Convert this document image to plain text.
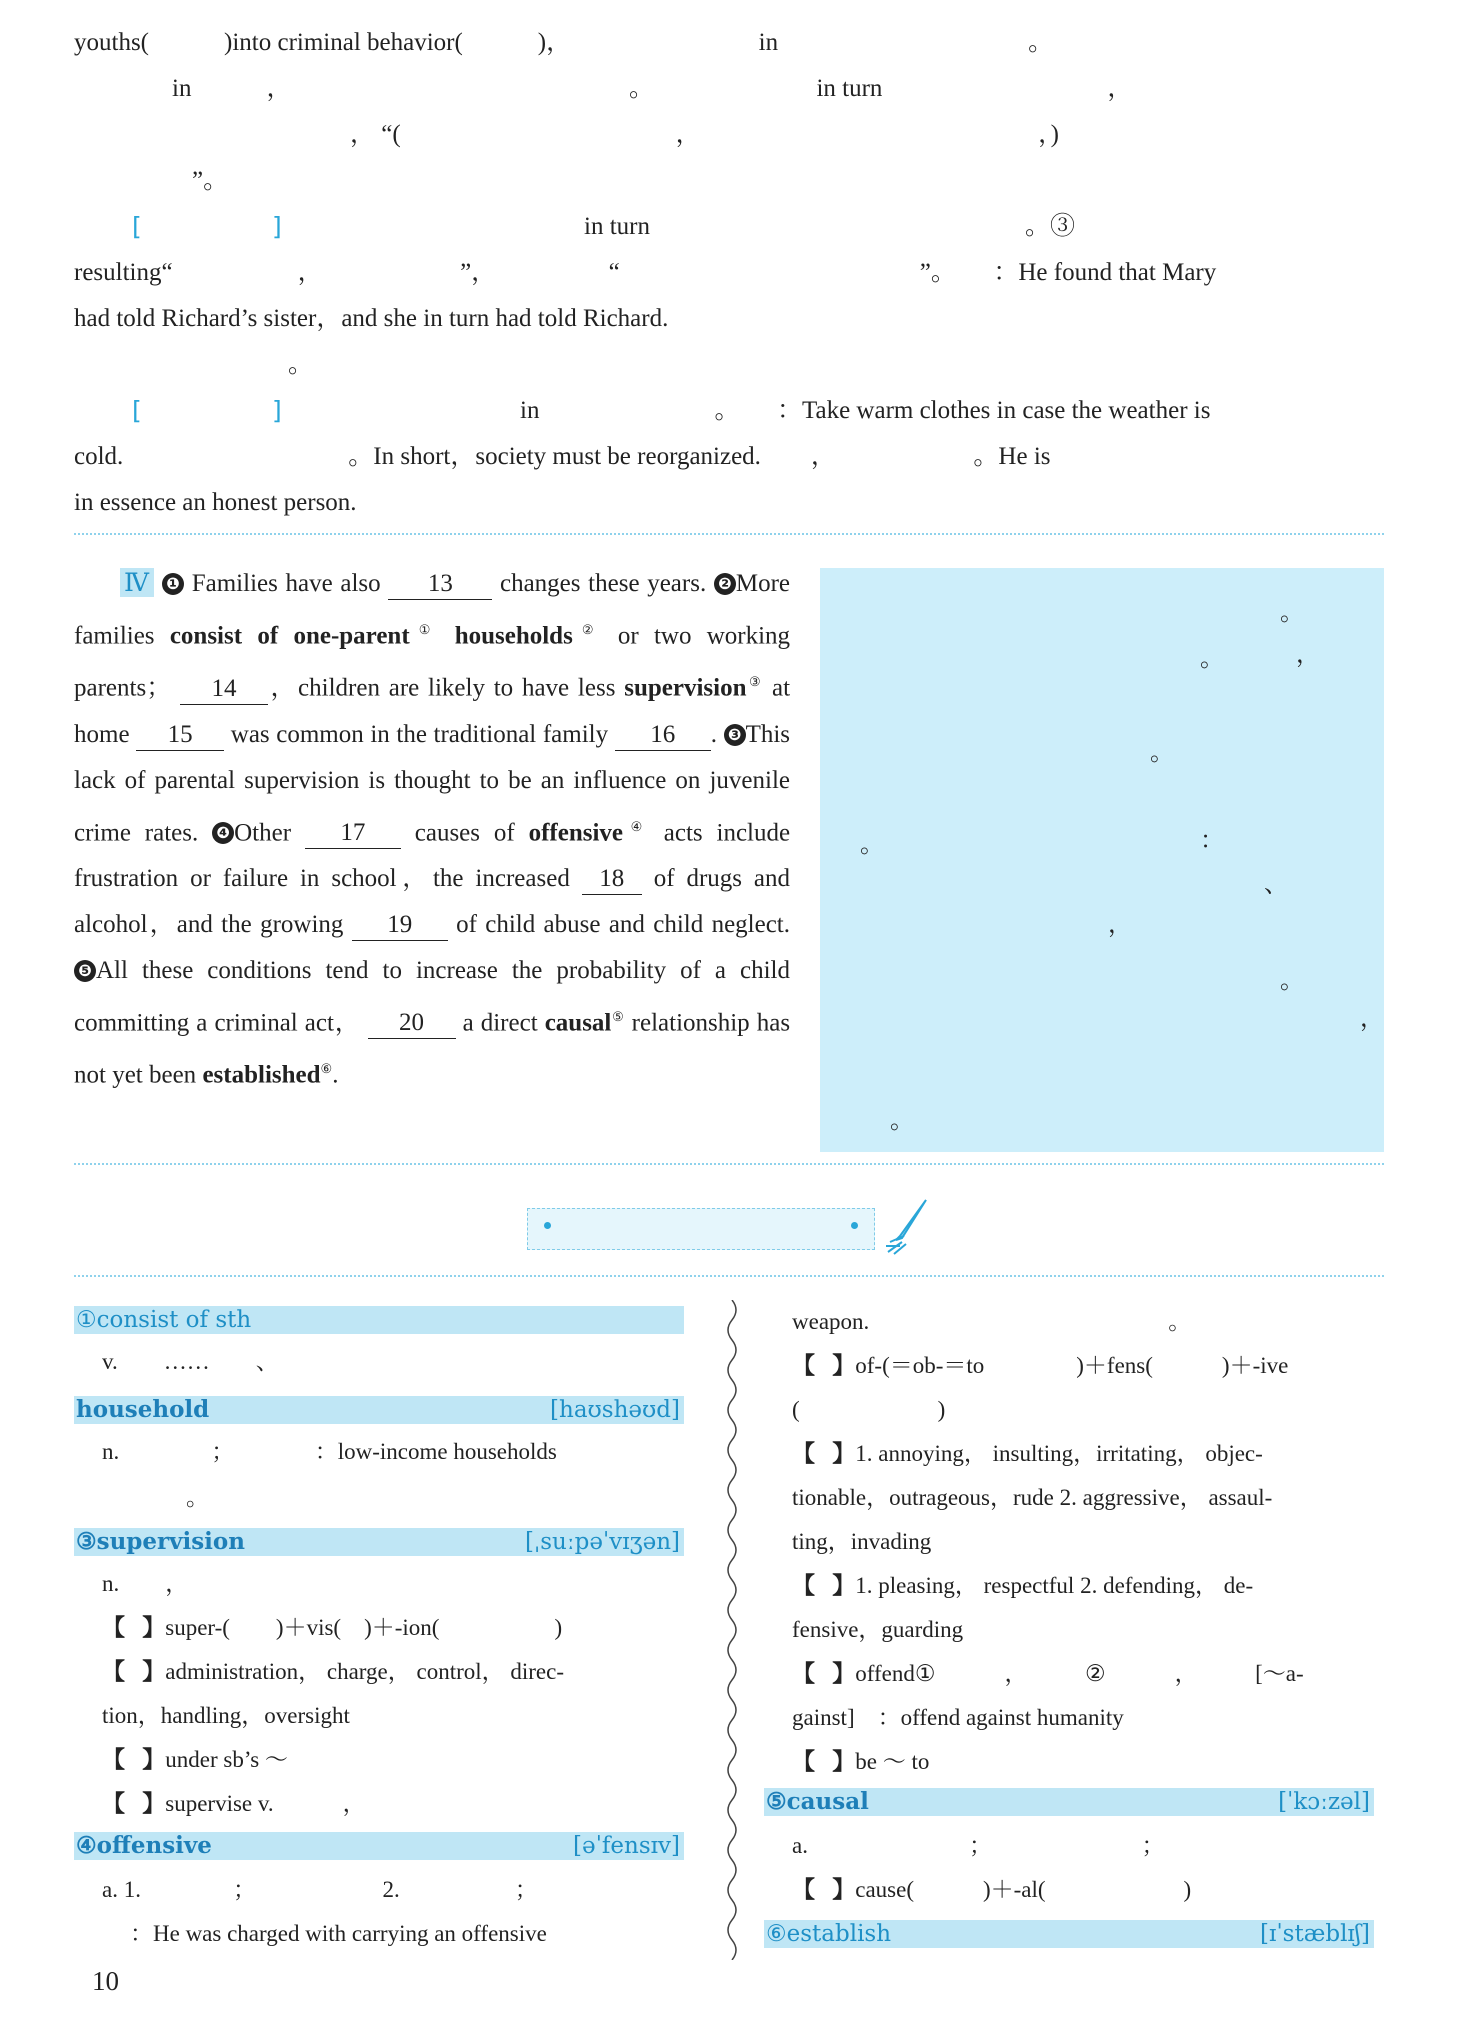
youths(　　　)into criminal behavior(　　　)，　　　　　　　　in　　　　　　　　　　。
in　　　，　　　　　　　　　　　　　　。　　　　　　　in turn　　　　　　　　　，
， “(　　　　　　　　　　　，　　　　　　　　　　　　　　，)
”。
[	]	in turn　　　　　　　　　　　　　　　。③
resulting“　　　　　，　　　　　　”，　　　　　“　　　　　　　　　　　　”。　　：He found that Mary
had told Richard’s sister，and she in turn had told Richard.
。
[	]	in　　　　　　　。　　：Take warm clothes in case the weather is
cold.　　　　　　　　　。In short，society must be reorganized.　　，　　　　　　。He is
in essence an honest person.
Ⅳ ❶ Families have also 13 changes these years. ❷ More families consist of one-parent① households② or two working parents； 14 ，children are likely to have less supervision③ at home 15 was common in the traditional family 16 . ❸ This lack of parental supervision is thought to be an influence on juvenile crime rates. ❹ Other 17 causes of offensive④ acts include frustration or failure in school，the increased 18 of drugs and alcohol，and the growing 19 of child abuse and child neglect. ❺ All these conditions tend to increase the probability of a child committing a criminal act， 20 a direct causal⑤ relationship has not yet been established⑥.
。
。	，
。
。	：
、
，
。
，
。
①consist of sth
v.　　……　　、
household	[haʊshəʊd]
n.　　　　；　　　　：low-income households
。
③supervision	[ˌsuːpəˈvɪʒən]
n.　　，
【 】super-(　　)＋vis(　)＋-ion(　　　　　)
【 】administration， charge， control， direc-
tion，handling，oversight
【 】under sb’s ～
【 】supervise v.　　　，
④offensive	[əˈfensɪv]
a. 1.　　　　；　　　　　　2.　　　　　；
：He was charged with carrying an offensive
weapon.　　　　　　　　　　　　　。
【 】of-(＝ob-＝to　　　　)＋fens(　　　)＋-ive
(　　　　　　)
【 】1. annoying， insulting，irritating， objec-
tionable，outrageous，rude 2. aggressive， assaul-
ting，invading
【 】1. pleasing， respectful 2. defending， de-
fensive，guarding
【 】offend①　　　，　　　②　　　，　　　[～a-
gainst]　：offend against humanity
【 】be ～ to
⑤causal	[ˈkɔːzəl]
a.　　　　　　　；　　　　　　　；
【 】cause(　　　)＋-al(　　　　　　)
⑥establish	[ɪˈstæblɪʃ]
10
